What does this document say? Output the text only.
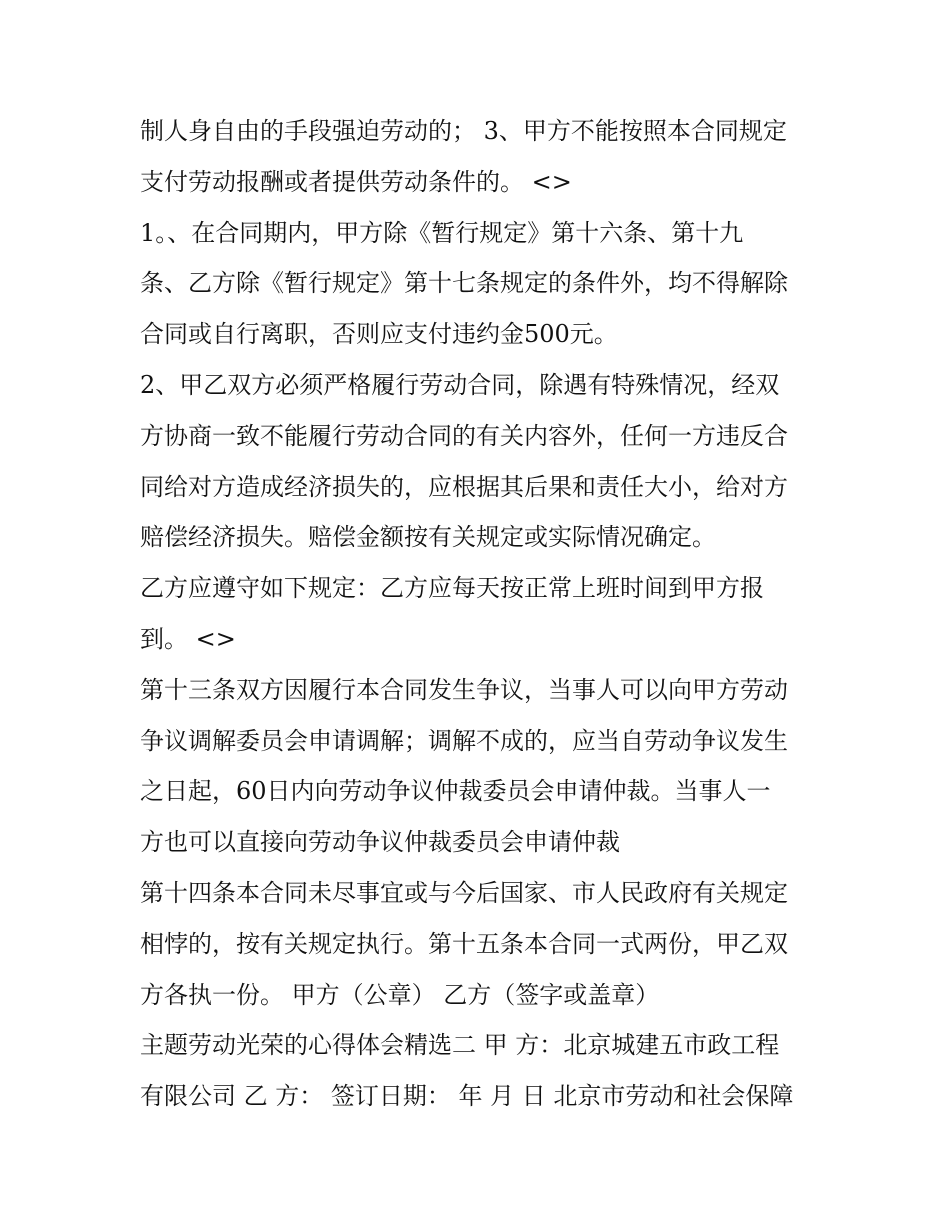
制人身自由的手段强迫劳动的； 3、甲方不能按照本合同规定
支付劳动报酬或者提供劳动条件的。 <>
1。、在合同期内，甲方除《暂行规定》第十六条、第十九
条、乙方除《暂行规定》第十七条规定的条件外，均不得解除
合同或自行离职，否则应支付违约金500元。
2、甲乙双方必须严格履行劳动合同，除遇有特殊情况，经双
方协商一致不能履行劳动合同的有关内容外，任何一方违反合
同给对方造成经济损失的，应根据其后果和责任大小，给对方
赔偿经济损失。赔偿金额按有关规定或实际情况确定。
乙方应遵守如下规定：乙方应每天按正常上班时间到甲方报
到。 <>
第十三条双方因履行本合同发生争议，当事人可以向甲方劳动
争议调解委员会申请调解；调解不成的，应当自劳动争议发生
之日起，60日内向劳动争议仲裁委员会申请仲裁。当事人一
方也可以直接向劳动争议仲裁委员会申请仲裁
第十四条本合同未尽事宜或与今后国家、市人民政府有关规定
相悖的，按有关规定执行。第十五条本合同一式两份，甲乙双
方各执一份。 甲方（公章） 乙方（签字或盖章）
主题劳动光荣的心得体会精选二 甲 方：北京城建五市政工程
有限公司 乙 方： 签订日期： 年 月 日 北京市劳动和社会保障
